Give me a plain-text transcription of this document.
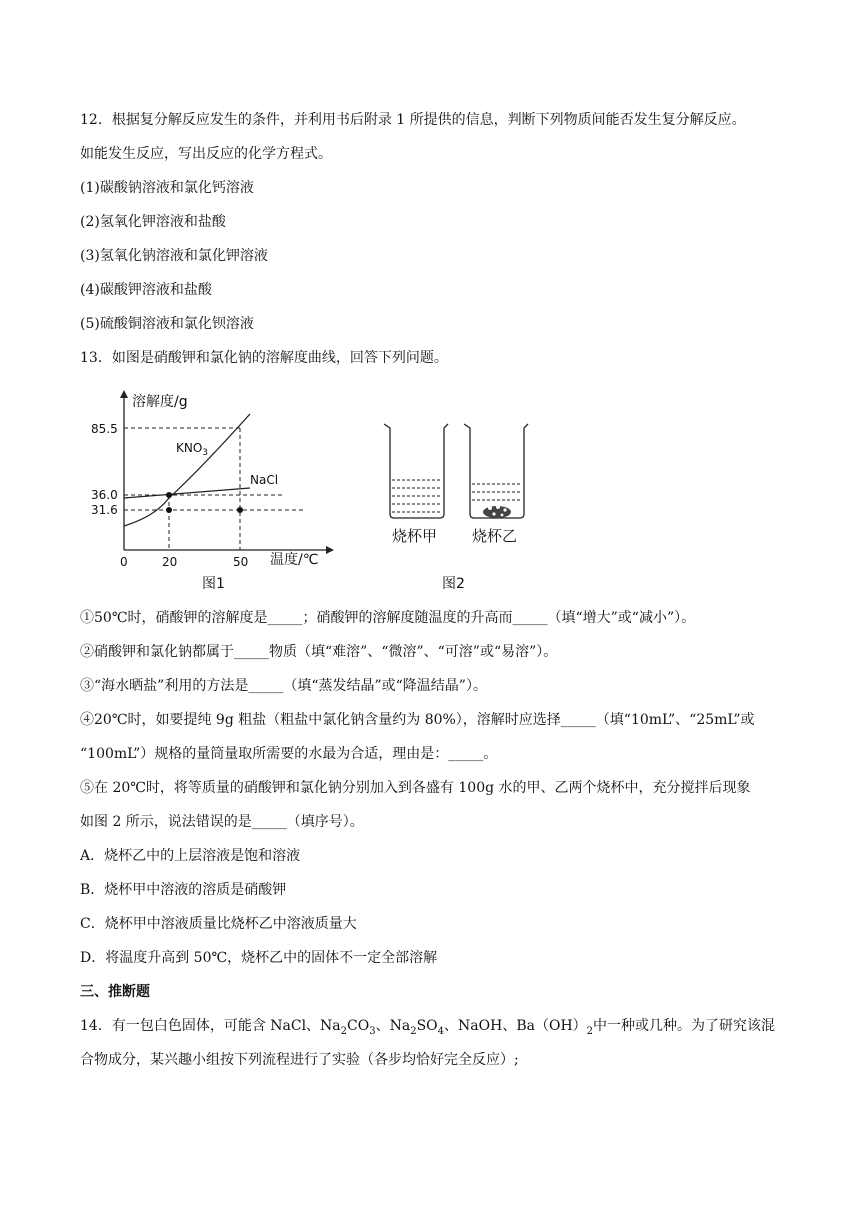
12．根据复分解反应发生的条件，并利用书后附录 1 所提供的信息，判断下列物质间能否发生复分解反应。
如能发生反应，写出反应的化学方程式。
(1)碳酸钠溶液和氯化钙溶液
(2)氢氧化钾溶液和盐酸
(3)氢氧化钠溶液和氯化钾溶液
(4)碳酸钾溶液和盐酸
(5)硫酸铜溶液和氯化钡溶液
13．如图是硝酸钾和氯化钠的溶解度曲线，回答下列问题。
溶解度/g
85.5
36.0
31.6
0	20	50 温度/℃
$KNO_3$
NaCl
图1
烧杯甲 烧杯乙
图2
①50℃时，硝酸钾的溶解度是_____；硝酸钾的溶解度随温度的升高而_____（填“增大”或“减小”）。
②硝酸钾和氯化钠都属于_____物质（填“难溶”、“微溶”、“可溶”或“易溶”）。
③“海水晒盐”利用的方法是_____（填“蒸发结晶”或“降温结晶”）。
④20℃时，如要提纯 9g 粗盐（粗盐中氯化钠含量约为 80%），溶解时应选择_____（填“10mL”、“25mL”或
“100mL”）规格的量筒量取所需要的水最为合适，理由是：_____。
⑤在 20℃时，将等质量的硝酸钾和氯化钠分别加入到各盛有 100g 水的甲、乙两个烧杯中，充分搅拌后现象
如图 2 所示，说法错误的是_____（填序号）。
A．烧杯乙中的上层溶液是饱和溶液
B．烧杯甲中溶液的溶质是硝酸钾
C．烧杯甲中溶液质量比烧杯乙中溶液质量大
D．将温度升高到 50℃，烧杯乙中的固体不一定全部溶解
三、推断题
14．有一包白色固体，可能含 NaCl、$Na_2CO_3$、$Na_2SO_4$、NaOH、$Ba(OH)_2$中一种或几种。为了研究该混
合物成分，某兴趣小组按下列流程进行了实验（各步均恰好完全反应）;
